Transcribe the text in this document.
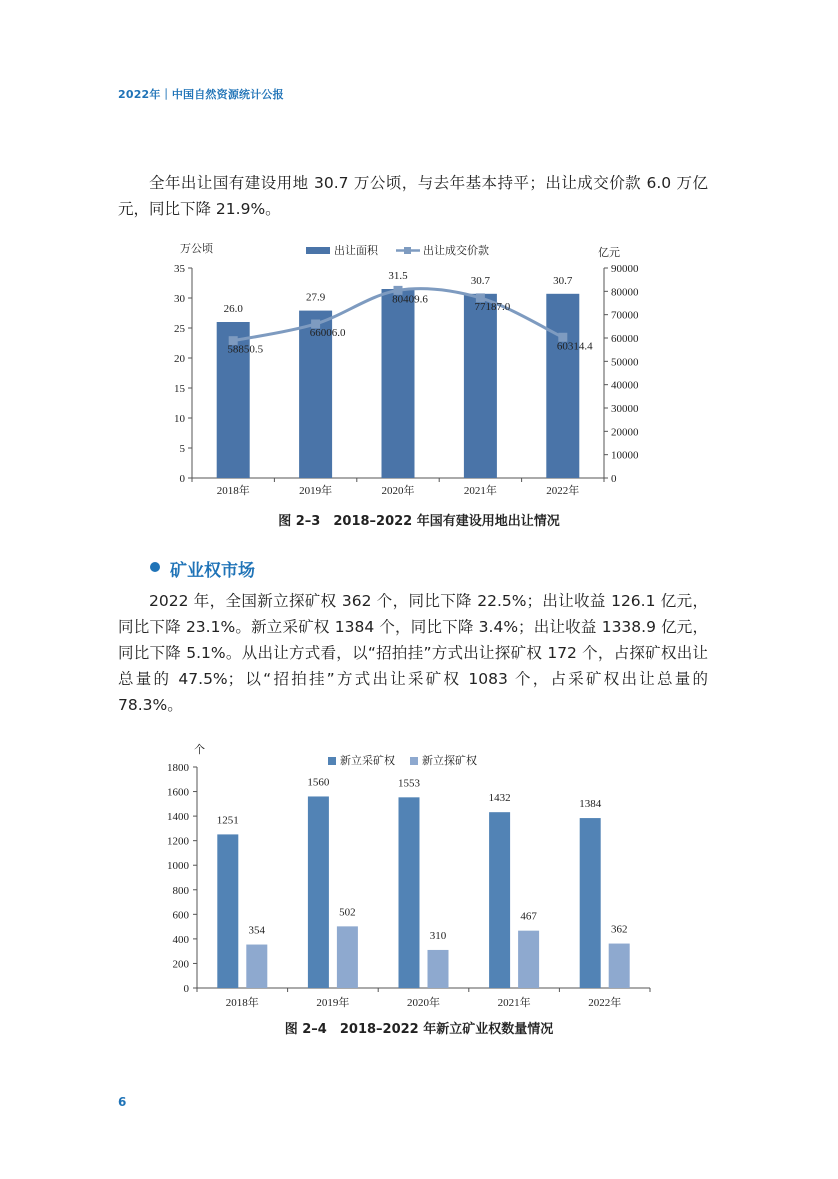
2022年｜中国自然资源统计公报

全年出让国有建设用地 30.7 万公顷，与去年基本持平；出让成交价款 6.0 万亿元，同比下降 21.9%。

0
5
10
15
20
25
30
35
0
10000
20000
30000
40000
50000
60000
70000
80000
90000
2018年	2019年	2020年	2021年	2022年
万公顷	亿元
出让面积	出让成交价款
26.0
27.9
31.5	30.7	30.7
58850.5
66006.0
80409.6
77187.0
60314.4
图 2–3　2018–2022 年国有建设用地出让情况
矿业权市场

2022 年，全国新立探矿权 362 个，同比下降 22.5%；出让收益 126.1 亿元，同比下降 23.1%。新立采矿权 1384 个，同比下降 3.4%；出让收益 1338.9 亿元，同比下降 5.1%。从出让方式看，以“招拍挂”方式出让探矿权 172 个，占探矿权出让总量的 47.5%；以“招拍挂”方式出让采矿权 1083 个，占采矿权出让总量的 78.3%。

0
200
400
600
800
1000
1200
1400
1600
1800
2018年	2019年	2020年	2021年	2022年
个
新立采矿权 新立探矿权
1251
354
1560
502
1553
310
1432
467
1384
362
图 2–4　2018–2022 年新立矿业权数量情况
6
